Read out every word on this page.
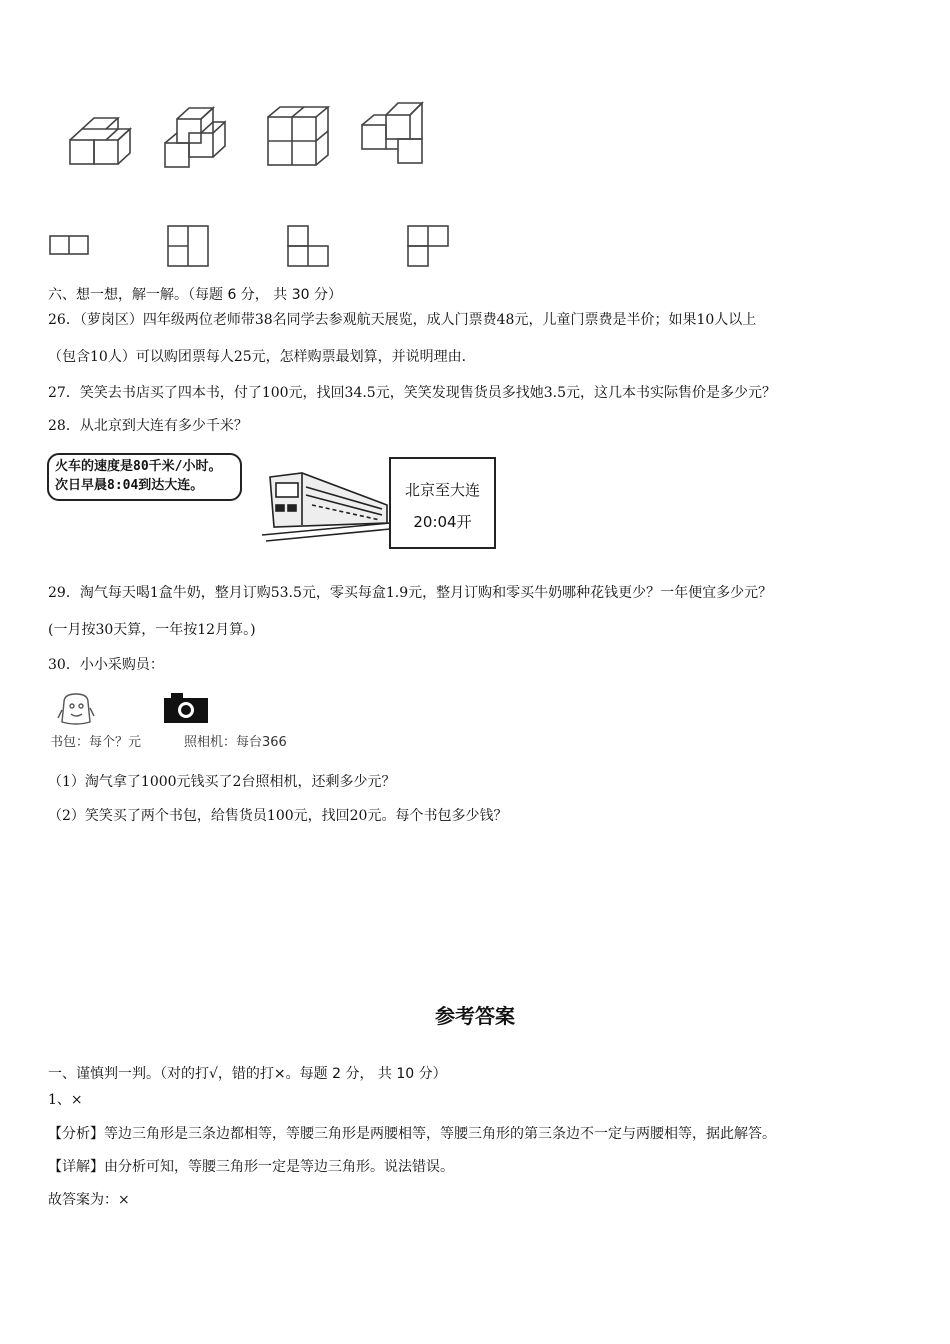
六、想一想，解一解。（每题 6 分， 共 30 分）
26．（萝岗区）四年级两位老师带38名同学去参观航天展览，成人门票费48元，儿童门票费是半价；如果10人以上
（包含10人）可以购团票每人25元，怎样购票最划算，并说明理由．
27．笑笑去书店买了四本书，付了100元，找回34.5元，笑笑发现售货员多找她3.5元，这几本书实际售价是多少元？
28．从北京到大连有多少千米？
火车的速度是80千米/小时。
次日早晨8:04到达大连。	北京至大连
20:04开
29．淘气每天喝1盒牛奶，整月订购53.5元，零买每盒1.9元，整月订购和零买牛奶哪种花钱更少？一年便宜多少元？
(一月按30天算，一年按12月算。)
30．小小采购员：
书包：每个？元	照相机：每台366
（1）淘气拿了1000元钱买了2台照相机，还剩多少元？
（2）笑笑买了两个书包，给售货员100元，找回20元。每个书包多少钱？
参考答案
一、谨慎判一判。（对的打√，错的打×。每题 2 分， 共 10 分）
1、×
【分析】等边三角形是三条边都相等，等腰三角形是两腰相等，等腰三角形的第三条边不一定与两腰相等，据此解答。
【详解】由分析可知，等腰三角形一定是等边三角形。说法错误。
故答案为：×
